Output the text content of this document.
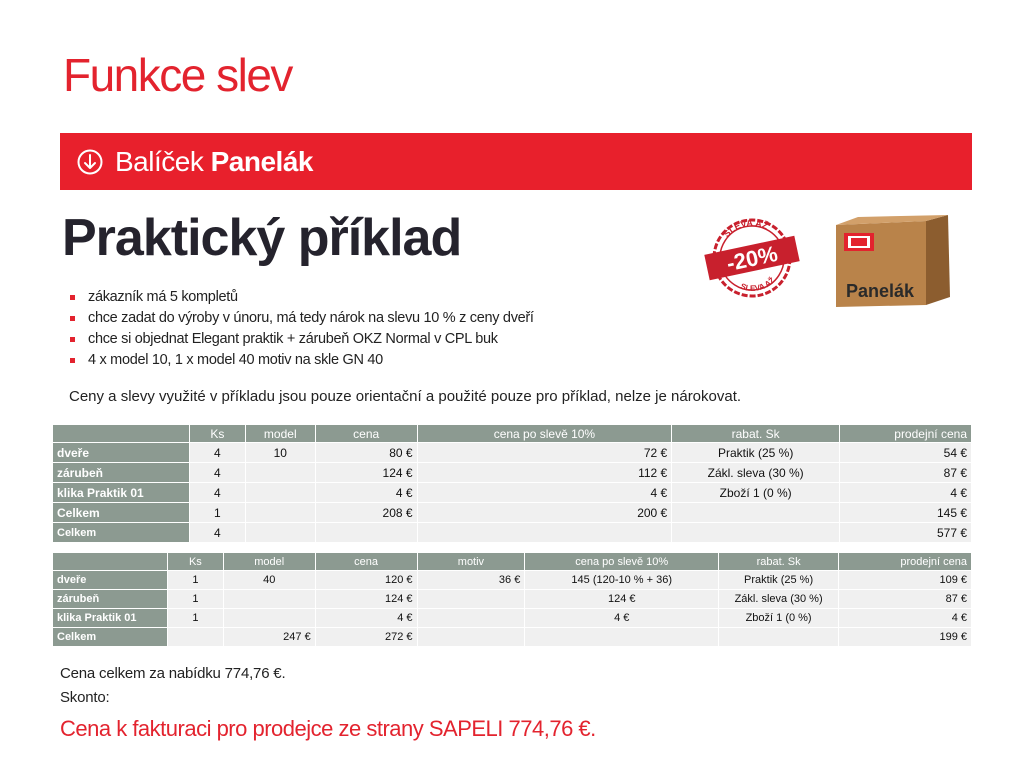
Funkce slev
Balíček Panelák
Praktický příklad	SLEVA AŽ
-20%
SLEVA AŽ
Panelák
zákazník má 5 kompletů
chce zadat do výroby v únoru, má tedy nárok na slevu 10 % z ceny dveří
chce si objednat Elegant praktik + zárubeň OKZ Normal v CPL buk
4 x model 10, 1 x model 40 motiv na skle GN 40
Ceny a slevy využité v příkladu jsou pouze orientační a použité pouze pro příklad, nelze je nárokovat.
	Ks	model	cena	cena po slevě 10%	rabat. Sk	prodejní cena
dveře	4	10	80 €	72 €	Praktik (25 %)	54 €
zárubeň	4		124 €	112 €	Zákl. sleva (30 %)	87 €
klika Praktik 01	4		4 €	4 €	Zboží 1 (0 %)	4 €
Celkem	1		208 €	200 €		145 €
Celkem	4					577 €
	Ks	model	cena	motiv	cena po slevě 10%	rabat. Sk	prodejní cena
dveře	1	40	120 €	36 €	145 (120-10 % + 36)	Praktik (25 %)	109 €
zárubeň	1		124 €		124 €	Zákl. sleva (30 %)	87 €
klika Praktik 01	1		4 €		4 €	Zboží 1 (0 %)	4 €
Celkem		247 €	272 €				199 €
Cena celkem za nabídku 774,76 €.
Skonto:
Cena k fakturaci pro prodejce ze strany SAPELI 774,76 €.
